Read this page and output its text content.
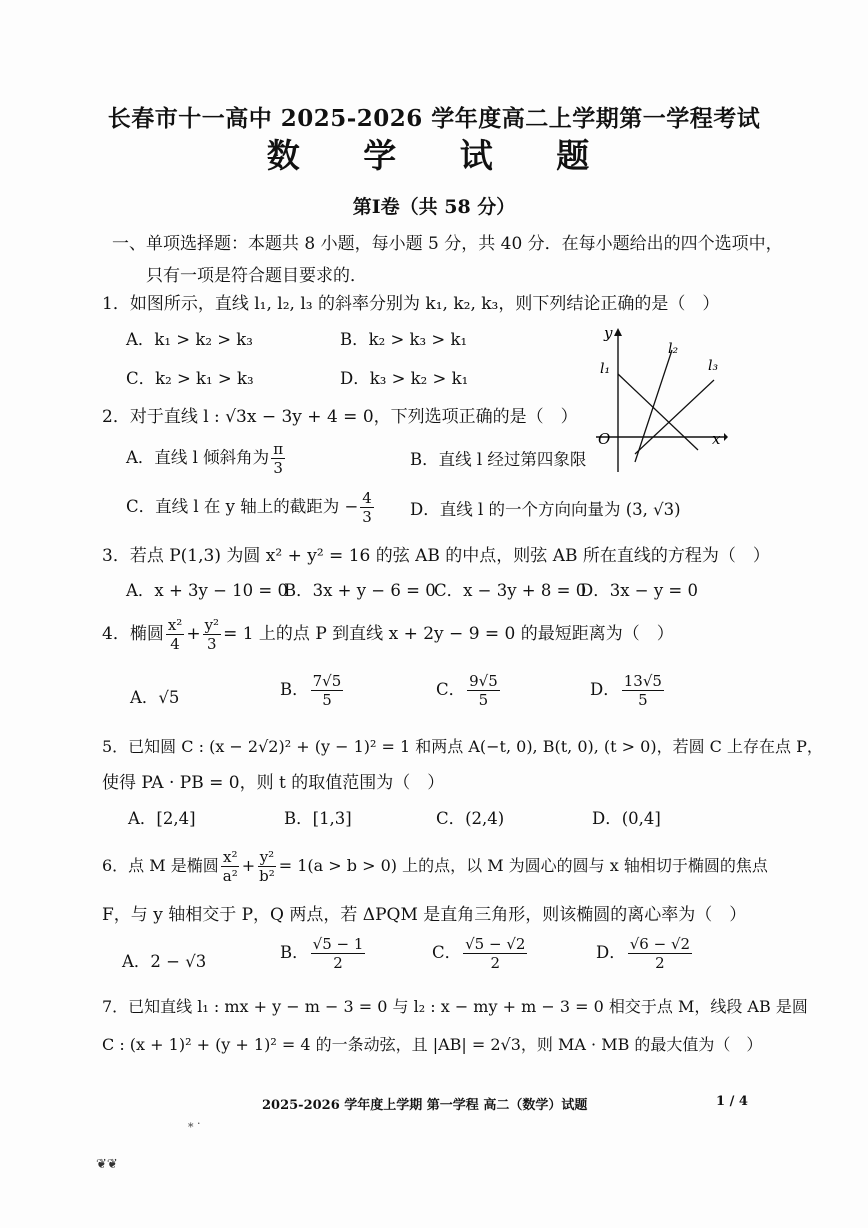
长春市十一高中 2025-2026 学年度高二上学期第一学程考试
数 学 试 题
第Ⅰ卷（共 58 分）
一、单项选择题：本题共 8 小题，每小题 5 分，共 40 分．在每小题给出的四个选项中，
只有一项是符合题目要求的．
1．如图所示，直线 l₁, l₂, l₃ 的斜率分别为 k₁, k₂, k₃，则下列结论正确的是（　）
A．k₁ > k₂ > k₃	B．k₂ > k₃ > k₁
C．k₂ > k₁ > k₃	D．k₃ > k₂ > k₁
y
x
O
l₁
l₂
l₃
2．对于直线 l : √3x − 3y + 4 = 0，下列选项正确的是（　）
A．直线 l 倾斜角为 $\frac{\pi}{3}$	B．直线 l 经过第四象限
C．直线 l 在 y 轴上的截距为 − $\frac{4}{3}$ D．直线 l 的一个方向向量为 (3, √3)
3．若点 P(1,3) 为圆 x² + y² = 16 的弦 AB 的中点，则弦 AB 所在直线的方程为（　）
A．x + 3y − 10 = 0
B．3x + y − 6 = 0
C．x − 3y + 8 = 0
D．3x − y = 0
4．椭圆 $\frac{\text{x²}}{4} + \frac{\text{y²}}{3} = 1$ 上的点 P 到直线 x + 2y − 9 = 0 的最短距离为（　）
A．√5	B． $\frac{7√5}{5}$	C． $\frac{9√5}{5}$	D． $\frac{13√5}{5}$
5．已知圆 C : (x − 2√2)² + (y − 1)² = 1 和两点 A(−t, 0), B(t, 0), (t > 0)，若圆 C 上存在点 P，
使得 PA · PB = 0，则 t 的取值范围为（　）
A．[2,4]	B．[1,3]	C．(2,4)	D．(0,4]
6．点 M 是椭圆 $\frac{\text{x²}}{\text{a²}} + \frac{\text{y²}}{\text{b²}} = 1(a > b > 0)$ 上的点，以 M 为圆心的圆与 x 轴相切于椭圆的焦点
F，与 y 轴相交于 P，Q 两点，若 ΔPQM 是直角三角形，则该椭圆的离心率为（　）
A．2 − √3	B． $\frac{√5 - 1}{2}$	C． $\frac{√5 - √2}{2}$	D． $\frac{√6 - √2}{2}$
7．已知直线 l₁ : mx + y − m − 3 = 0 与 l₂ : x − my + m − 3 = 0 相交于点 M，线段 AB 是圆
C : (x + 1)² + (y + 1)² = 4 的一条动弦，且 |AB| = 2√3，则 MA · MB 的最大值为（　）
2025-2026 学年度上学期 第一学程 高二（数学）试题	1 / 4
⁎ ·
❦❦
